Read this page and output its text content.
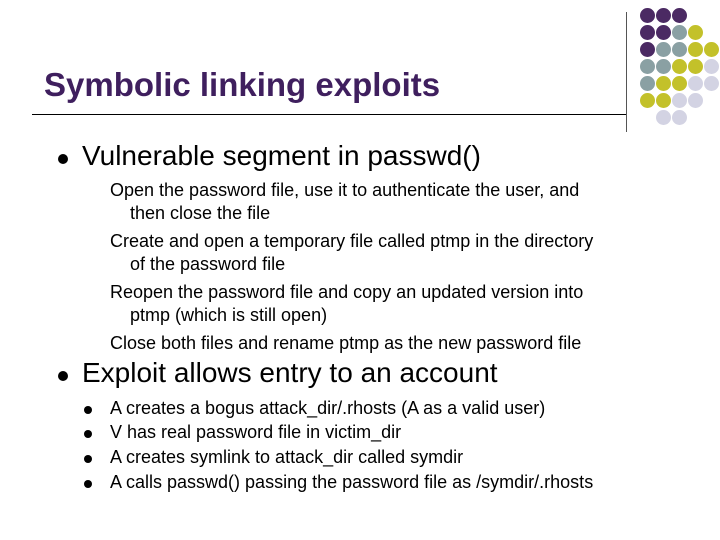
Symbolic linking exploits
Vulnerable segment in passwd()
Open the password file, use it to authenticate the user, and
then close the file
Create and open a temporary file called ptmp in the directory
of the password file
Reopen the password file and copy an updated version into
ptmp (which is still open)
Close both files and rename ptmp as the new password file
Exploit allows entry to an account
A creates a bogus attack_dir/.rhosts (A as a valid user)
V has real password file in victim_dir
A creates symlink to attack_dir called symdir
A calls passwd() passing the password file as /symdir/.rhosts
